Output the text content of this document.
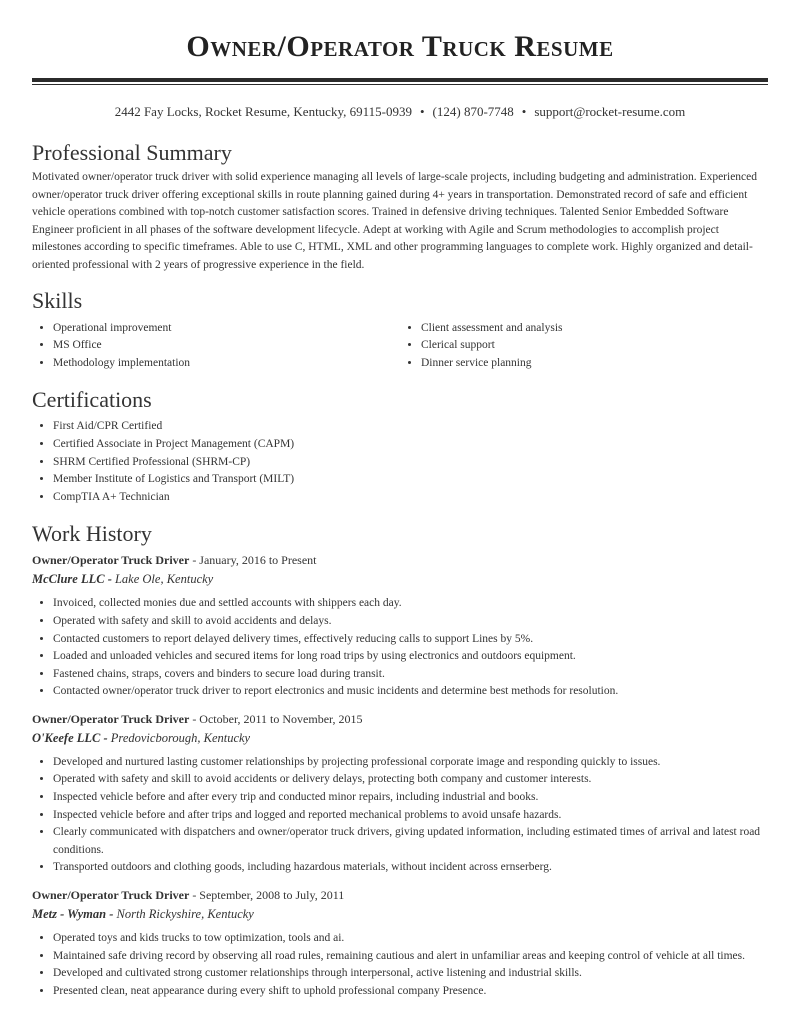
Owner/Operator Truck Resume
2442 Fay Locks, Rocket Resume, Kentucky, 69115-0939 • (124) 870-7748 • support@rocket-resume.com
Professional Summary
Motivated owner/operator truck driver with solid experience managing all levels of large-scale projects, including budgeting and administration. Experienced owner/operator truck driver offering exceptional skills in route planning gained during 4+ years in transportation. Demonstrated record of safe and efficient vehicle operations combined with top-notch customer satisfaction scores. Trained in defensive driving techniques. Talented Senior Embedded Software Engineer proficient in all phases of the software development lifecycle. Adept at working with Agile and Scrum methodologies to accomplish project milestones according to specific timeframes. Able to use C, HTML, XML and other programming languages to complete work. Highly organized and detail-oriented professional with 2 years of progressive experience in the field.
Skills
• Operational improvement
• MS Office
• Methodology implementation
• Client assessment and analysis
• Clerical support
• Dinner service planning
Certifications
• First Aid/CPR Certified
• Certified Associate in Project Management (CAPM)
• SHRM Certified Professional (SHRM-CP)
• Member Institute of Logistics and Transport (MILT)
• CompTIA A+ Technician
Work History
Owner/Operator Truck Driver - January, 2016 to Present
McClure LLC - Lake Ole, Kentucky
• Invoiced, collected monies due and settled accounts with shippers each day.
• Operated with safety and skill to avoid accidents and delays.
• Contacted customers to report delayed delivery times, effectively reducing calls to support Lines by 5%.
• Loaded and unloaded vehicles and secured items for long road trips by using electronics and outdoors equipment.
• Fastened chains, straps, covers and binders to secure load during transit.
• Contacted owner/operator truck driver to report electronics and music incidents and determine best methods for resolution.
Owner/Operator Truck Driver - October, 2011 to November, 2015
O'Keefe LLC - Predovicborough, Kentucky
• Developed and nurtured lasting customer relationships by projecting professional corporate image and responding quickly to issues.
• Operated with safety and skill to avoid accidents or delivery delays, protecting both company and customer interests.
• Inspected vehicle before and after every trip and conducted minor repairs, including industrial and books.
• Inspected vehicle before and after trips and logged and reported mechanical problems to avoid unsafe hazards.
• Clearly communicated with dispatchers and owner/operator truck drivers, giving updated information, including estimated times of arrival and latest road conditions.
• Transported outdoors and clothing goods, including hazardous materials, without incident across ernserberg.
Owner/Operator Truck Driver - September, 2008 to July, 2011
Metz - Wyman - North Rickyshire, Kentucky
• Operated toys and kids trucks to tow optimization, tools and ai.
• Maintained safe driving record by observing all road rules, remaining cautious and alert in unfamiliar areas and keeping control of vehicle at all times.
• Developed and cultivated strong customer relationships through interpersonal, active listening and industrial skills.
• Presented clean, neat appearance during every shift to uphold professional company Presence.
